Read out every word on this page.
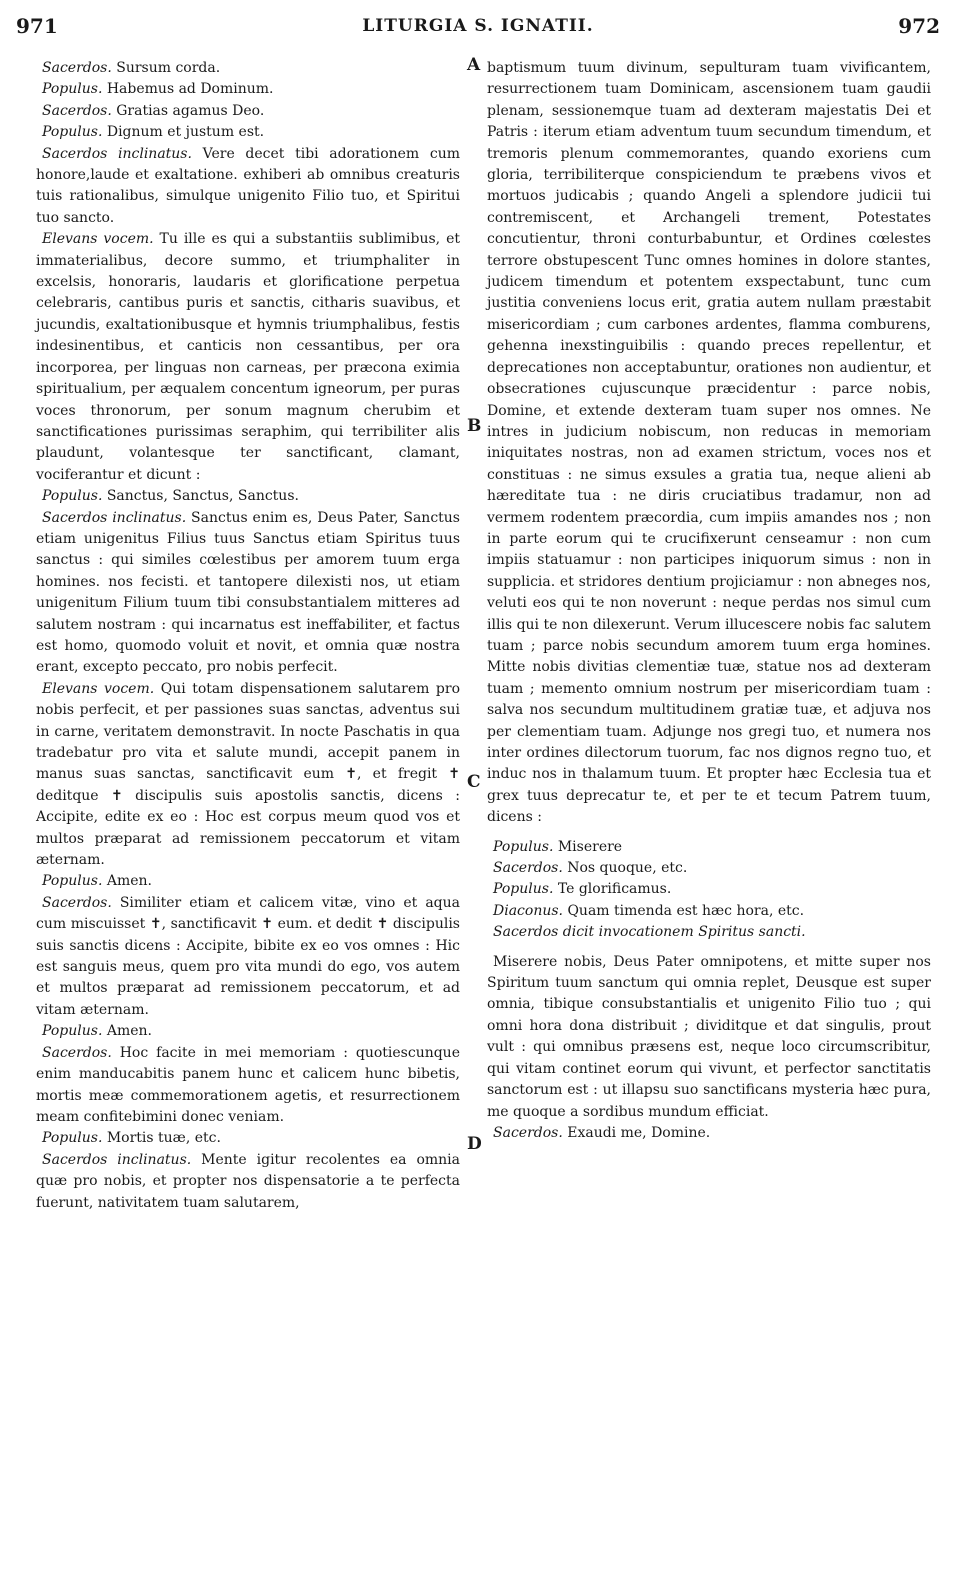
971	LITURGIA S. IGNATII.	972

Sacerdos. Sursum corda.

Populus. Habemus ad Dominum.

Sacerdos. Gratias agamus Deo.

Populus. Dignum et justum est.

Sacerdos inclinatus. Vere decet tibi adorationem cum honore,laude et exaltatione. exhiberi ab omnibus creaturis tuis rationalibus, simulque unigenito Filio tuo, et Spiritui tuo sancto.

Elevans vocem. Tu ille es qui a substantiis sublimibus, et immaterialibus, decore summo, et triumphaliter in excelsis, honoraris, laudaris et glorificatione perpetua celebraris, cantibus puris et sanctis, citharis suavibus, et jucundis, exaltationibusque et hymnis triumphalibus, festis indesinentibus, et canticis non cessantibus, per ora incorporea, per linguas non carneas, per præcona eximia spiritualium, per æqualem concentum igneorum, per puras voces thronorum, per sonum magnum cherubim et sanctificationes purissimas seraphim, qui terribiliter alis plaudunt, volantesque ter sanctificant, clamant, vociferantur et dicunt :

Populus. Sanctus, Sanctus, Sanctus.

Sacerdos inclinatus. Sanctus enim es, Deus Pater, Sanctus etiam unigenitus Filius tuus Sanctus etiam Spiritus tuus sanctus : qui similes cœlestibus per amorem tuum erga homines. nos fecisti. et tantopere dilexisti nos, ut etiam unigenitum Filium tuum tibi consubstantialem mitteres ad salutem nostram : qui incarnatus est ineffabiliter, et factus est homo, quomodo voluit et novit, et omnia quæ nostra erant, excepto peccato, pro nobis perfecit.

Elevans vocem. Qui totam dispensationem salutarem pro nobis perfecit, et per passiones suas sanctas, adventus sui in carne, veritatem demonstravit. In nocte Paschatis in qua tradebatur pro vita et salute mundi, accepit panem in manus suas sanctas, sanctificavit eum ✝, et fregit ✝ deditque ✝ discipulis suis apostolis sanctis, dicens : Accipite, edite ex eo : Hoc est corpus meum quod vos et multos præparat ad remissionem peccatorum et vitam æternam.

Populus. Amen.

Sacerdos. Similiter etiam et calicem vitæ, vino et aqua cum miscuisset ✝, sanctificavit ✝ eum. et dedit ✝ discipulis suis sanctis dicens : Accipite, bibite ex eo vos omnes : Hic est sanguis meus, quem pro vita mundi do ego, vos autem et multos præparat ad remissionem peccatorum, et ad vitam æternam.

Populus. Amen.

Sacerdos. Hoc facite in mei memoriam : quotiescunque enim manducabitis panem hunc et calicem hunc bibetis, mortis meæ commemorationem agetis, et resurrectionem meam confitebimini donec veniam.

Populus. Mortis tuæ, etc.

Sacerdos inclinatus. Mente igitur recolentes ea omnia quæ pro nobis, et propter nos dispensatorie a te perfecta fuerunt, nativitatem tuam salutarem,

A
B
C
D

baptismum tuum divinum, sepulturam tuam vivificantem, resurrectionem tuam Dominicam, ascensionem tuam gaudii plenam, sessionemque tuam ad dexteram majestatis Dei et Patris : iterum etiam adventum tuum secundum timendum, et tremoris plenum commemorantes, quando exoriens cum gloria, terribiliterque conspiciendum te præbens vivos et mortuos judicabis ; quando Angeli a splendore judicii tui contremiscent, et Archangeli trement, Potestates concutientur, throni conturbabuntur, et Ordines cœlestes terrore obstupescent Tunc omnes homines in dolore stantes, judicem timendum et potentem exspectabunt, tunc cum justitia conveniens locus erit, gratia autem nullam præstabit misericordiam ; cum carbones ardentes, flamma comburens, gehenna inexstinguibilis : quando preces repellentur, et deprecationes non acceptabuntur, orationes non audientur, et obsecrationes cujuscunque præcidentur : parce nobis, Domine, et extende dexteram tuam super nos omnes. Ne intres in judicium nobiscum, non reducas in memoriam iniquitates nostras, non ad examen strictum, voces nos et constituas : ne simus exsules a gratia tua, neque alieni ab hæreditate tua : ne diris cruciatibus tradamur, non ad vermem rodentem præcordia, cum impiis amandes nos ; non in parte eorum qui te crucifixerunt censeamur : non cum impiis statuamur : non participes iniquorum simus : non in supplicia. et stridores dentium projiciamur : non abneges nos, veluti eos qui te non noverunt : neque perdas nos simul cum illis qui te non dilexerunt. Verum illucescere nobis fac salutem tuam ; parce nobis secundum amorem tuum erga homines. Mitte nobis divitias clementiæ tuæ, statue nos ad dexteram tuam ; memento omnium nostrum per misericordiam tuam : salva nos secundum multitudinem gratiæ tuæ, et adjuva nos per clementiam tuam. Adjunge nos gregi tuo, et numera nos inter ordines dilectorum tuorum, fac nos dignos regno tuo, et induc nos in thalamum tuum. Et propter hæc Ecclesia tua et grex tuus deprecatur te, et per te et tecum Patrem tuum, dicens :

Populus. Miserere

Sacerdos. Nos quoque, etc.

Populus. Te glorificamus.

Diaconus. Quam timenda est hæc hora, etc.

Sacerdos dicit invocationem Spiritus sancti.

Miserere nobis, Deus Pater omnipotens, et mitte super nos Spiritum tuum sanctum qui omnia replet, Deusque est super omnia, tibique consubstantialis et unigenito Filio tuo ; qui omni hora dona distribuit ; dividitque et dat singulis, prout vult : qui omnibus præsens est, neque loco circumscribitur, qui vitam continet eorum qui vivunt, et perfector sanctitatis sanctorum est : ut illapsu suo sanctificans mysteria hæc pura, me quoque a sordibus mundum efficiat.

Sacerdos. Exaudi me, Domine.
